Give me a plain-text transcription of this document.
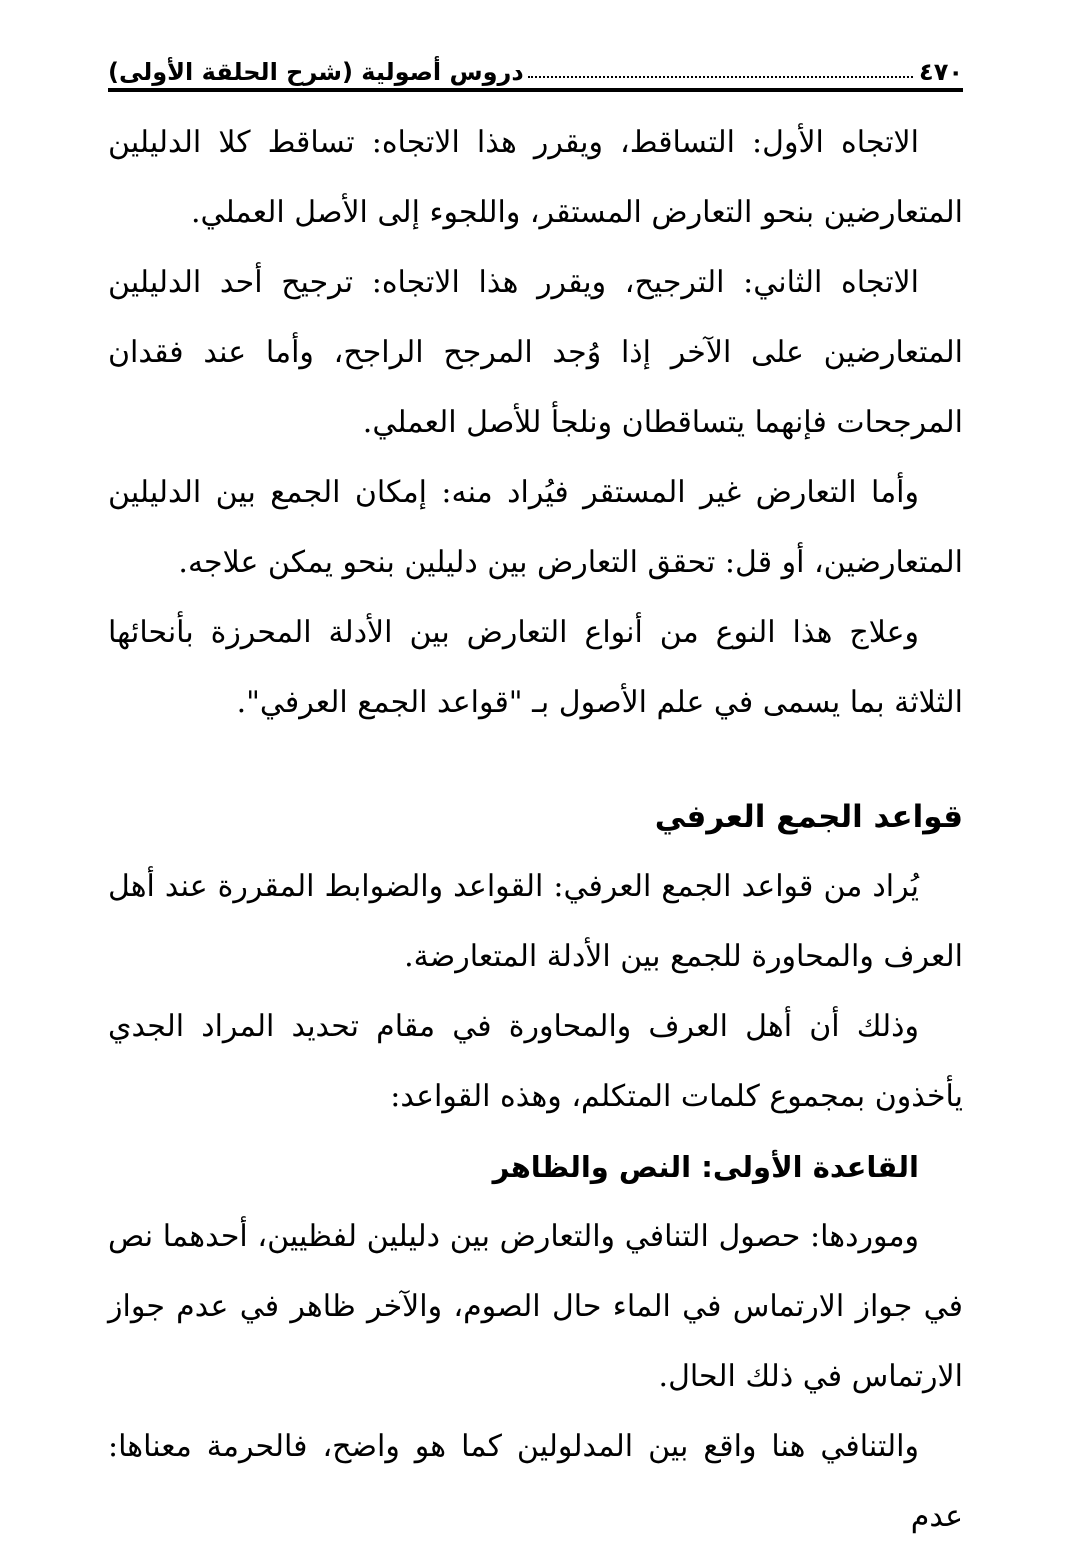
٤٧٠
دروس أصولية (شرح الحلقة الأولى)

الاتجاه الأول: التساقط، ويقرر هذا الاتجاه: تساقط كلا الدليلين المتعارضين بنحو التعارض المستقر، واللجوء إلى الأصل العملي.

الاتجاه الثاني: الترجيح، ويقرر هذا الاتجاه: ترجيح أحد الدليلين المتعارضين على الآخر إذا وُجد المرجح الراجح، وأما عند فقدان المرجحات فإنهما يتساقطان ونلجأ للأصل العملي.

وأما التعارض غير المستقر فيُراد منه: إمكان الجمع بين الدليلين المتعارضين، أو قل: تحقق التعارض بين دليلين بنحو يمكن علاجه.

وعلاج هذا النوع من أنواع التعارض بين الأدلة المحرزة بأنحائها الثلاثة بما يسمى في علم الأصول بـ "قواعد الجمع العرفي".

قواعد الجمع العرفي

يُراد من قواعد الجمع العرفي: القواعد والضوابط المقررة عند أهل العرف والمحاورة للجمع بين الأدلة المتعارضة.

وذلك أن أهل العرف والمحاورة في مقام تحديد المراد الجدي يأخذون بمجموع كلمات المتكلم، وهذه القواعد:

القاعدة الأولى: النص والظاهر

وموردها: حصول التنافي والتعارض بين دليلين لفظيين، أحدهما نص في جواز الارتماس في الماء حال الصوم، والآخر ظاهر في عدم جواز الارتماس في ذلك الحال.

والتنافي هنا واقع بين المدلولين كما هو واضح، فالحرمة معناها: عدم
